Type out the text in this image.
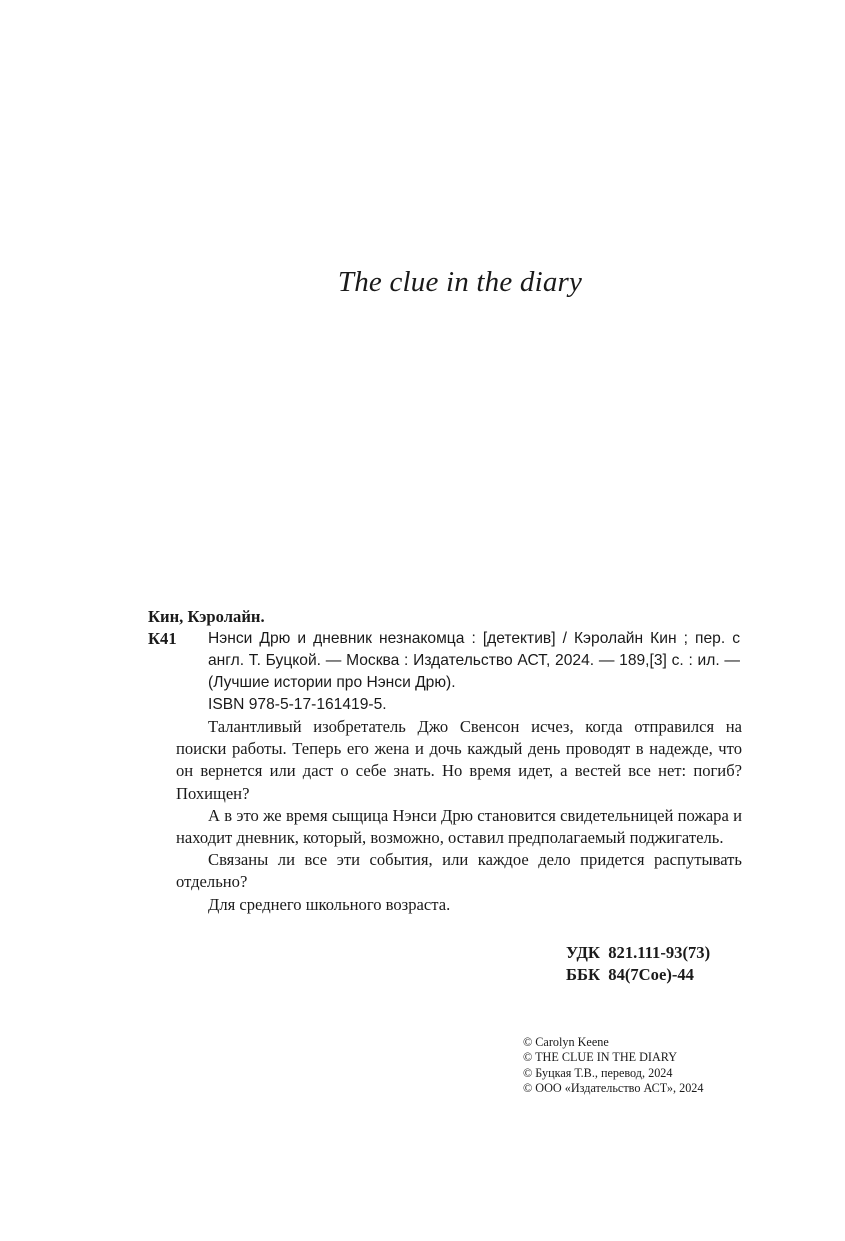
The clue in the diary
Кин, Кэролайн.
К41 Нэнси Дрю и дневник незнакомца : [детектив] / Кэролайн Кин ; пер. с англ. Т. Буцкой. — Москва : Издательство АСТ, 2024. — 189,[3] с. : ил. — (Лучшие истории про Нэнси Дрю).
ISBN 978-5-17-161419-5.

Талантливый изобретатель Джо Свенсон исчез, когда отправился на поиски работы. Теперь его жена и дочь каждый день проводят в надежде, что он вернется или даст о себе знать. Но время идет, а вестей все нет: погиб? Похищен?

А в это же время сыщица Нэнси Дрю становится свидетельницей пожара и находит дневник, который, возможно, оставил предполагаемый поджигатель.

Связаны ли все эти события, или каждое дело придется распутывать отдельно?

Для среднего школьного возраста.

УДК  821.111-93(73)
ББК  84(7Сое)-44
© Carolyn Keene
© THE CLUE IN THE DIARY
© Буцкая Т.В., перевод, 2024
© ООО «Издательство АСТ», 2024
